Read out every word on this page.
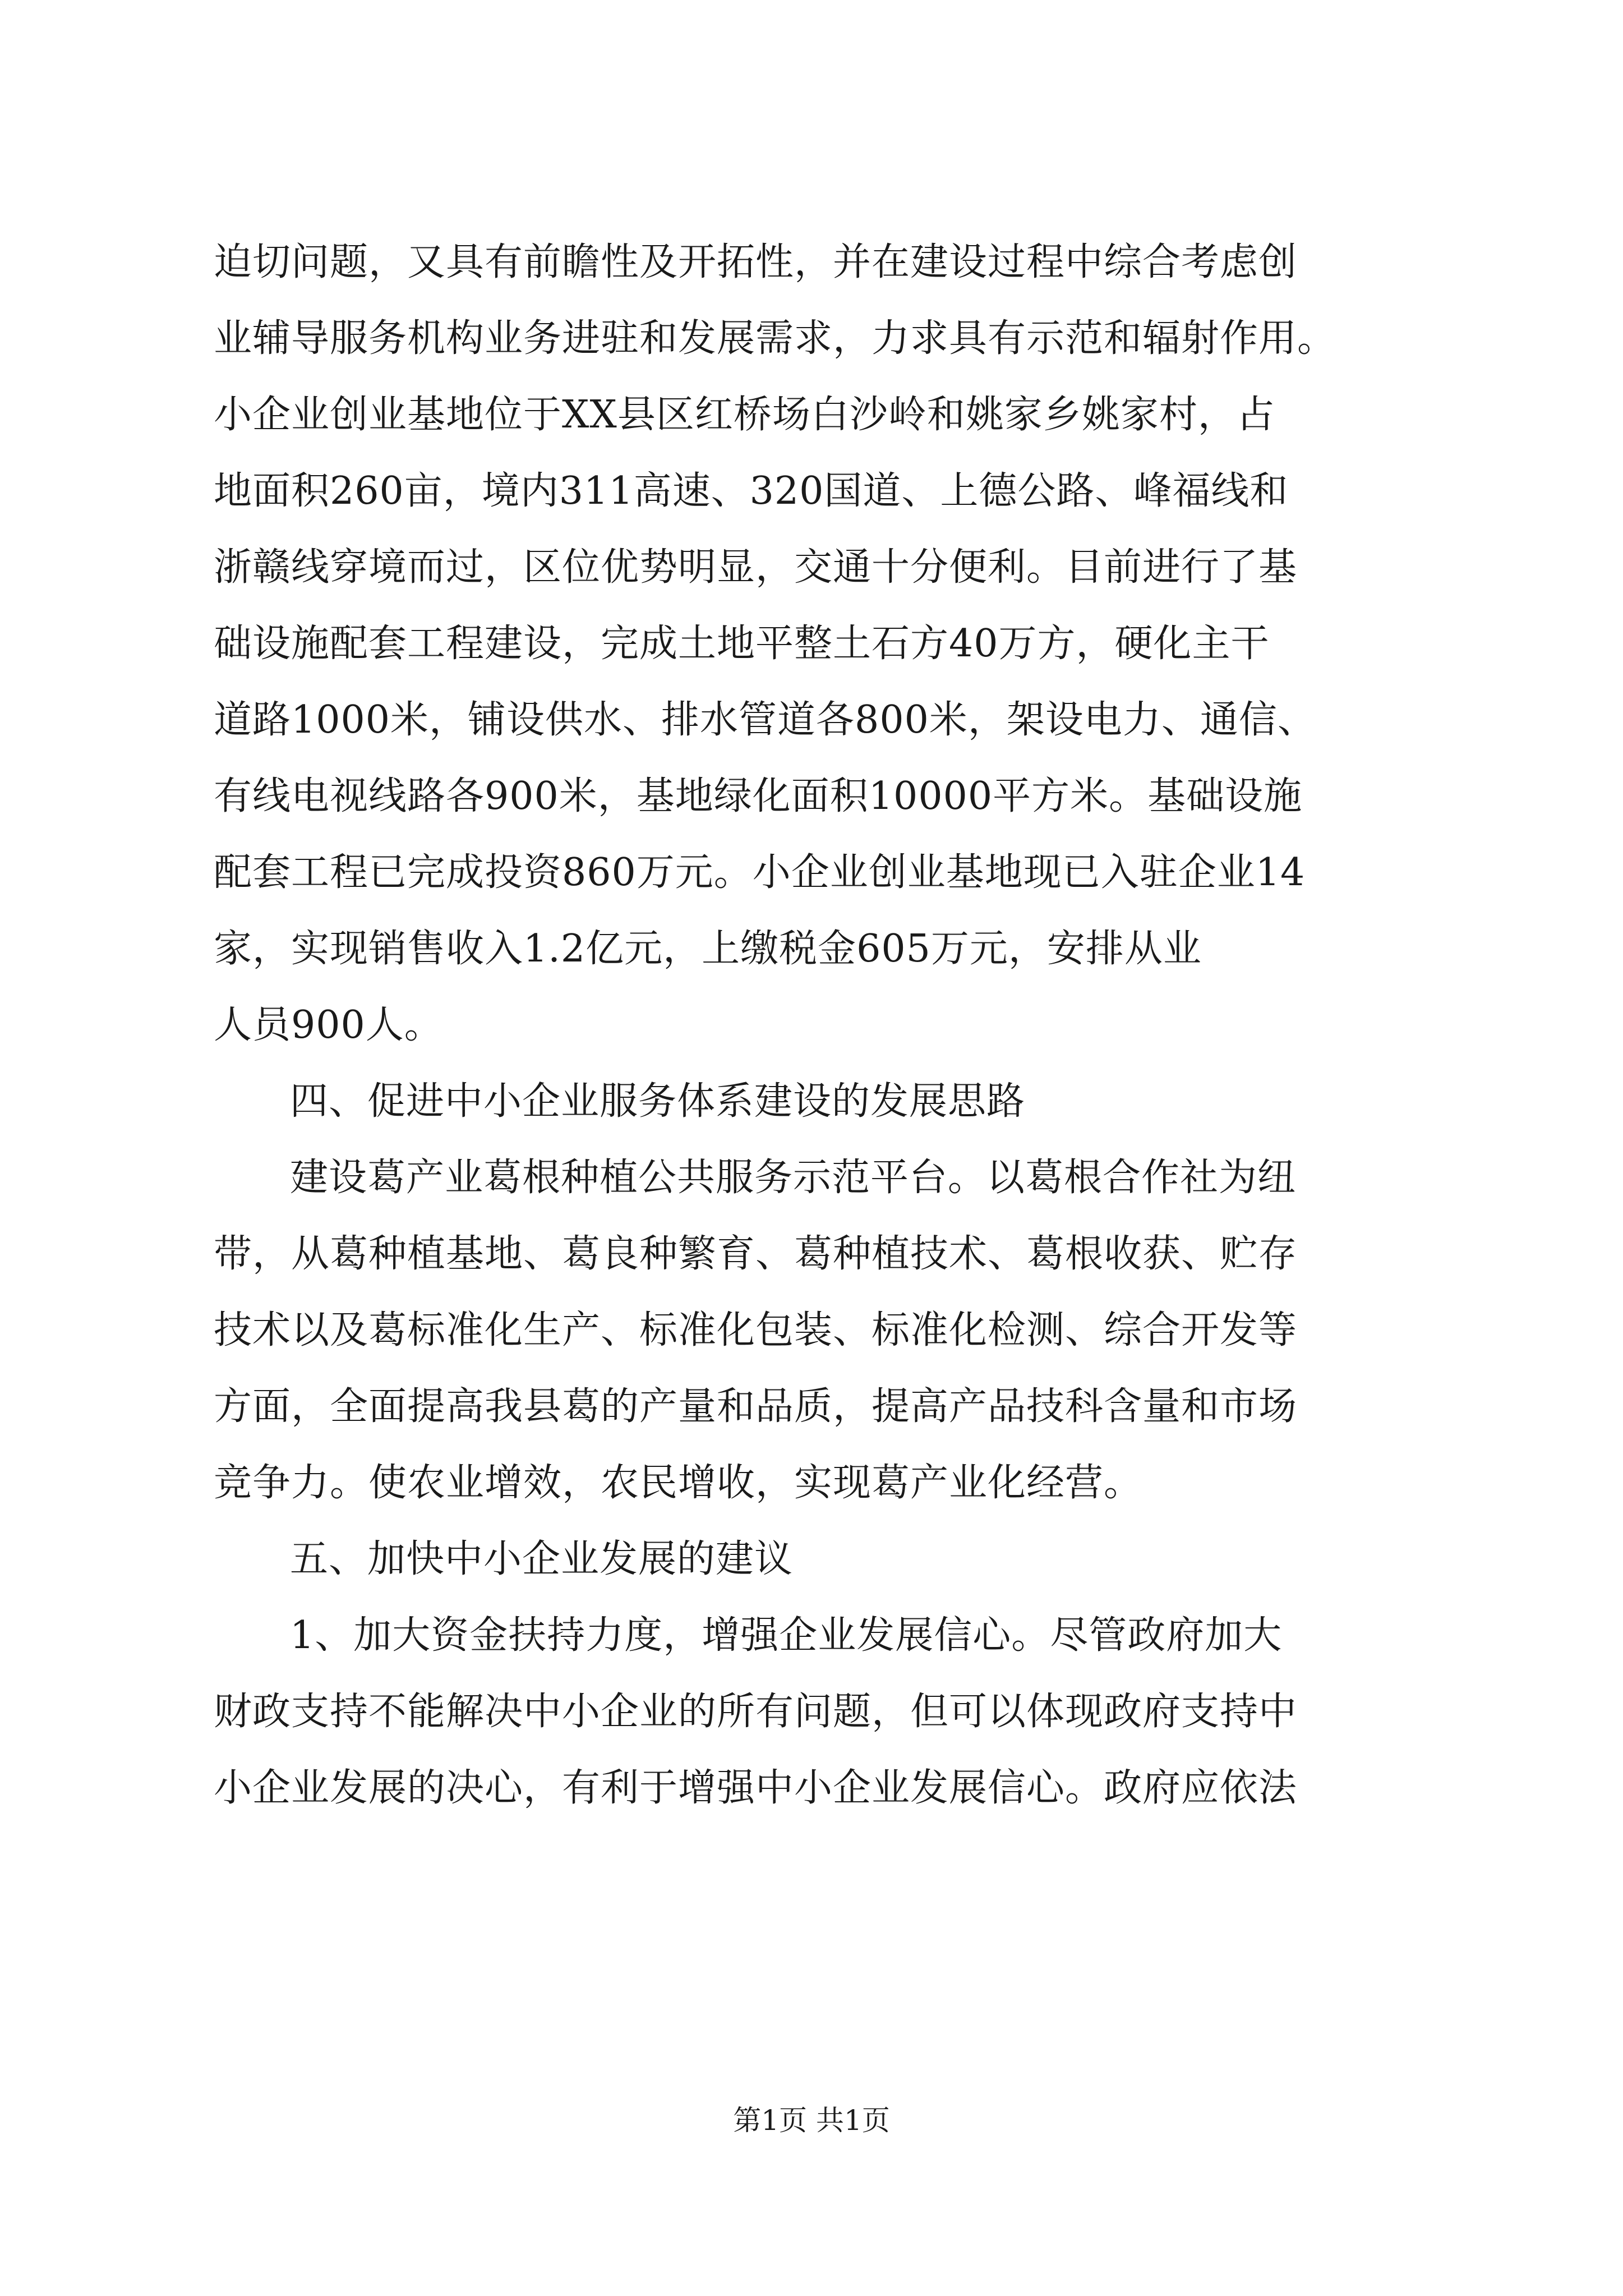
迫切问题，又具有前瞻性及开拓性，并在建设过程中综合考虑创
业辅导服务机构业务进驻和发展需求，力求具有示范和辐射作用。
小企业创业基地位于XX县区红桥场白沙岭和姚家乡姚家村，占
地面积260亩，境内311高速、320国道、上德公路、峰福线和
浙赣线穿境而过，区位优势明显，交通十分便利。目前进行了基
础设施配套工程建设，完成土地平整土石方40万方，硬化主干
道路1000米，铺设供水、排水管道各800米，架设电力、通信、
有线电视线路各900米，基地绿化面积10000平方米。基础设施
配套工程已完成投资860万元。小企业创业基地现已入驻企业14
家，实现销售收入1.2亿元，上缴税金605万元，安排从业
人员900人。
四、促进中小企业服务体系建设的发展思路
建设葛产业葛根种植公共服务示范平台。以葛根合作社为纽
带，从葛种植基地、葛良种繁育、葛种植技术、葛根收获、贮存
技术以及葛标准化生产、标准化包装、标准化检测、综合开发等
方面，全面提高我县葛的产量和品质，提高产品技科含量和市场
竞争力。使农业增效，农民增收，实现葛产业化经营。
五、加快中小企业发展的建议
1、加大资金扶持力度，增强企业发展信心。尽管政府加大
财政支持不能解决中小企业的所有问题，但可以体现政府支持中
小企业发展的决心，有利于增强中小企业发展信心。政府应依法
第1页 共1页
